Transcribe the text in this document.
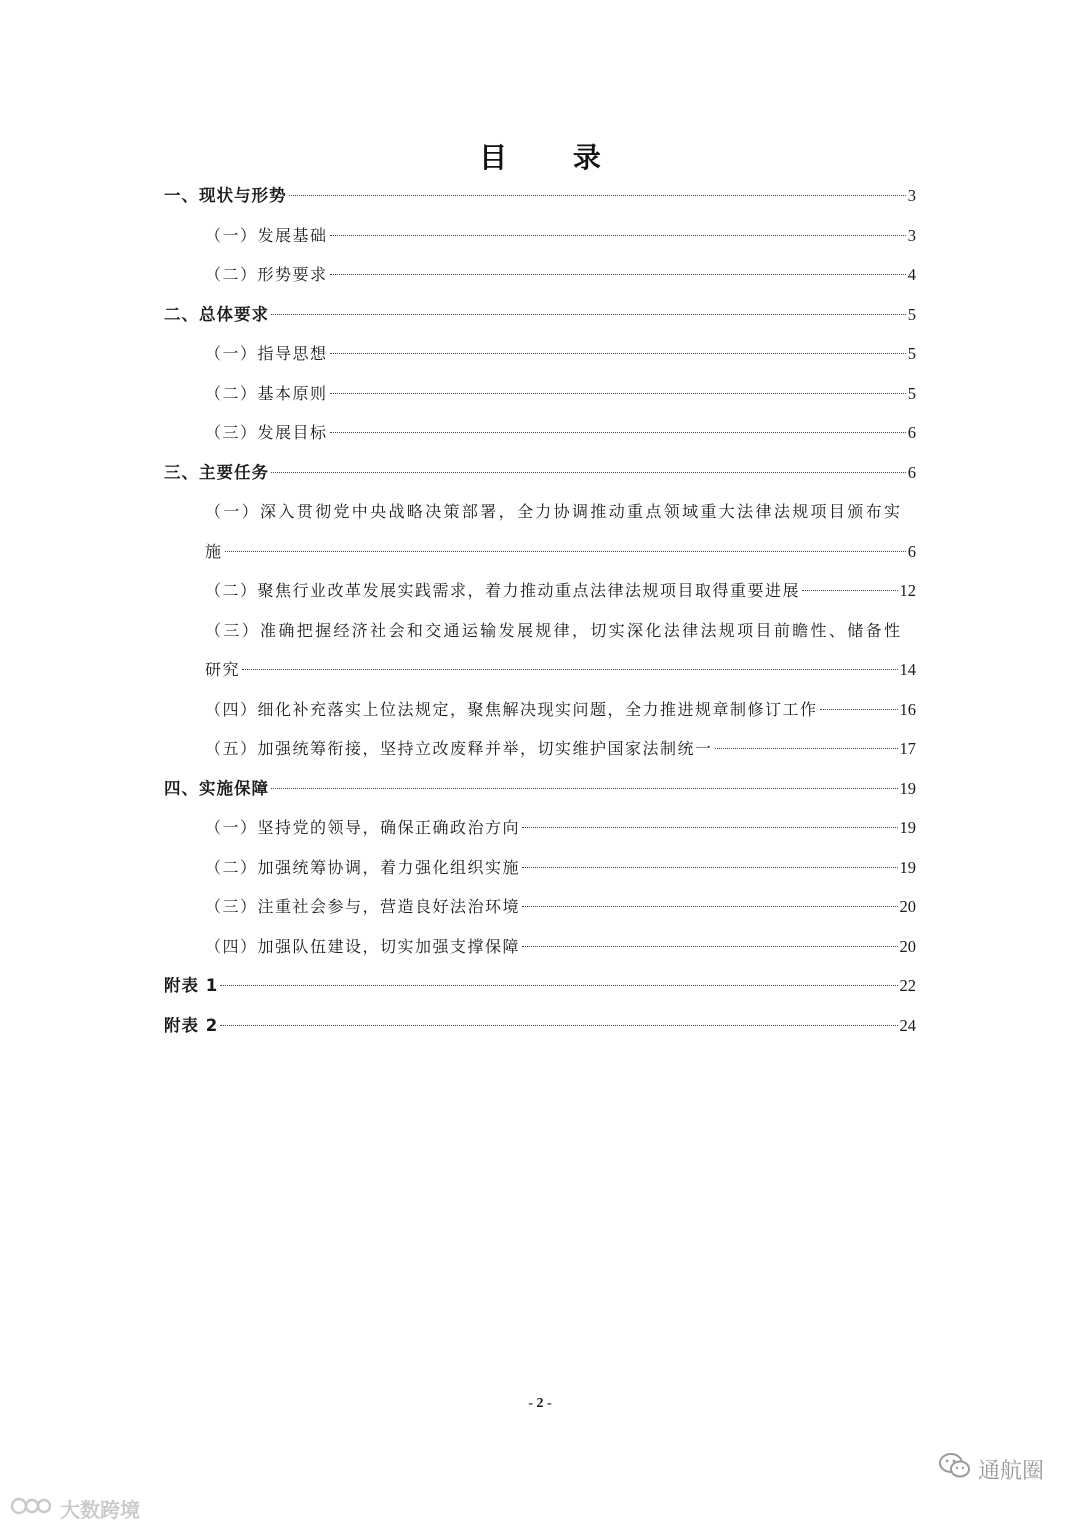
目 录
一、现状与形势	3
（一）发展基础	3
（二）形势要求	4
二、总体要求	5
（一）指导思想	5
（二）基本原则	5
（三）发展目标	6
三、主要任务	6
（一）深入贯彻党中央战略决策部署，全力协调推动重点领域重大法律法规项目颁布实
施	6
（二）聚焦行业改革发展实践需求，着力推动重点法律法规项目取得重要进展	12
（三）准确把握经济社会和交通运输发展规律，切实深化法律法规项目前瞻性、储备性
研究	14
（四）细化补充落实上位法规定，聚焦解决现实问题，全力推进规章制修订工作	16
（五）加强统筹衔接，坚持立改废释并举，切实维护国家法制统一	17
四、实施保障	19
（一）坚持党的领导，确保正确政治方向	19
（二）加强统筹协调，着力强化组织实施	19
（三）注重社会参与，营造良好法治环境	20
（四）加强队伍建设，切实加强支撑保障	20
附表 1	22
附表 2	24
- 2 -
大数跨境
通航圈
